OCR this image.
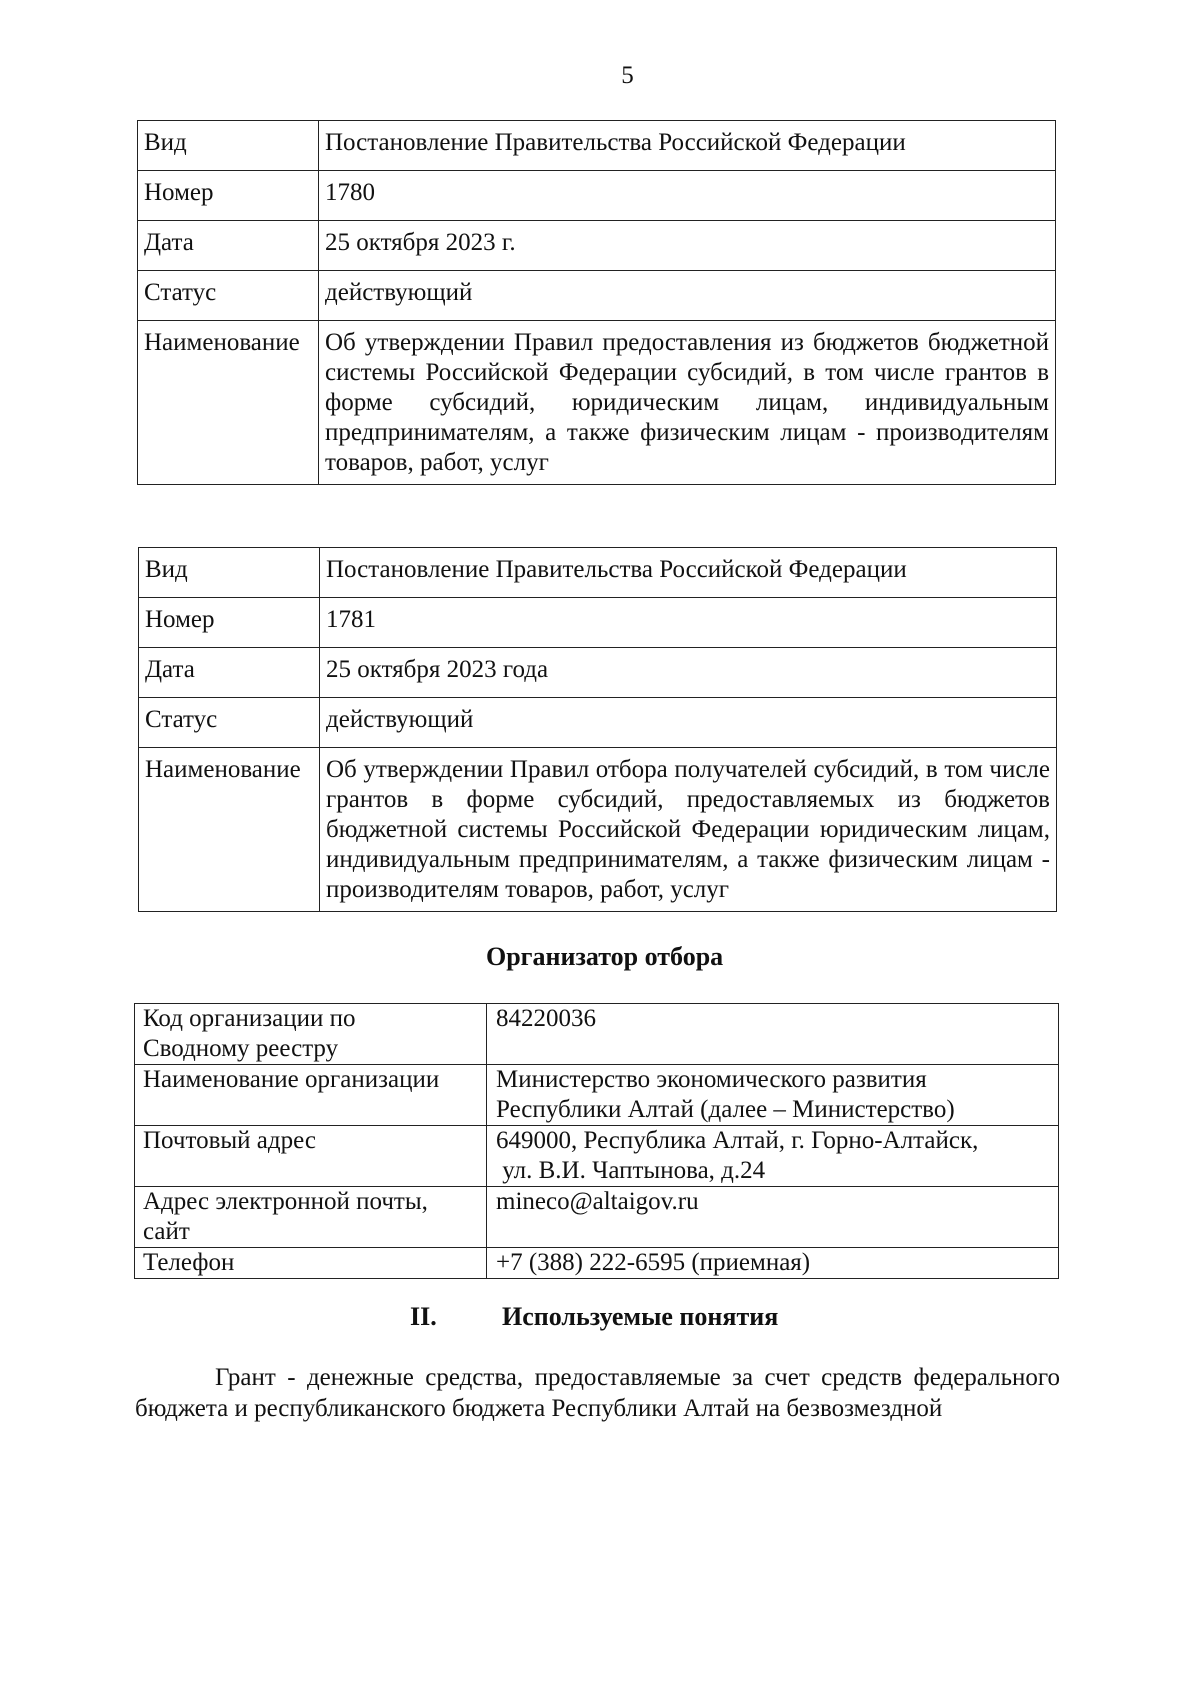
5
Вид	Постановление Правительства Российской Федерации
Номер	1780
Дата	25 октября 2023 г.
Статус	действующий
Наименование	Об утверждении Правил предоставления из бюджетов бюджетной системы Российской Федерации субсидий, в том числе грантов в форме субсидий, юридическим лицам, индивидуальным предпринимателям, а также физическим лицам - производителям товаров, работ, услуг
Вид	Постановление Правительства Российской Федерации
Номер	1781
Дата	25 октября 2023 года
Статус	действующий
Наименование	Об утверждении Правил отбора получателей субсидий, в том числе грантов в форме субсидий, предоставляемых из бюджетов бюджетной системы Российской Федерации юридическим лицам, индивидуальным предпринимателям, а также физическим лицам - производителям товаров, работ, услуг
Организатор отбора
Код организации по
Сводному реестру	84220036

Наименование организации	Министерство экономического развития
Республики Алтай (далее – Министерство)

Почтовый адрес	649000, Республика Алтай, г. Горно-Алтайск,
ул. В.И. Чаптынова, д.24

Адрес электронной почты,
сайт	mineco@altaigov.ru

Телефон	+7 (388) 222-6595 (приемная)
II.	Используемые понятия

Грант - денежные средства, предоставляемые за счет средств федерального бюджета и республиканского бюджета Республики Алтай на безвозмездной
